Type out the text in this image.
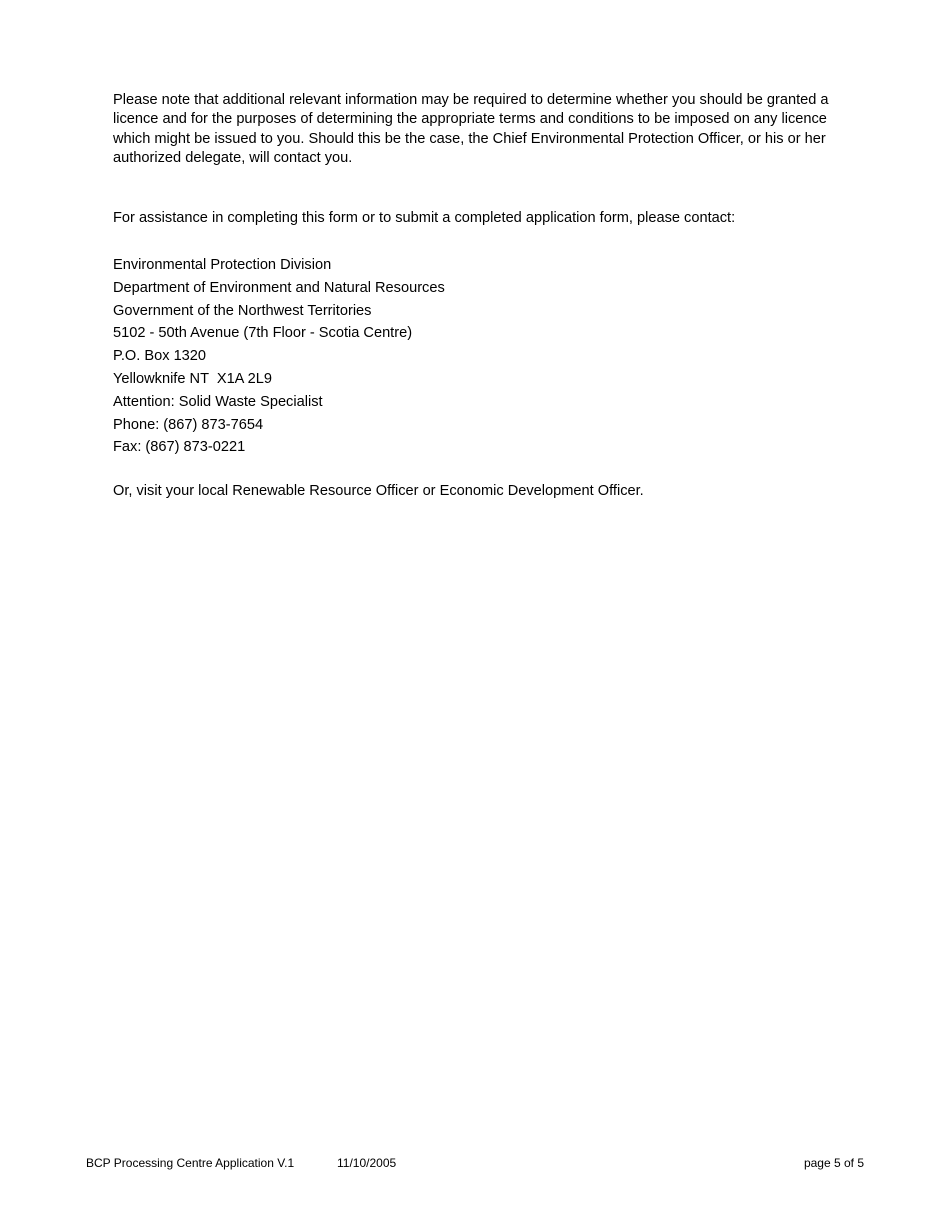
Please note that additional relevant information may be required to determine whether you should be granted a licence and for the purposes of determining the appropriate terms and conditions to be imposed on any licence which might be issued to you. Should this be the case, the Chief Environmental Protection Officer, or his or her authorized delegate, will contact you.

For assistance in completing this form or to submit a completed application form, please contact:

Environmental Protection Division
Department of Environment and Natural Resources
Government of the Northwest Territories
5102 - 50th Avenue (7th Floor - Scotia Centre)
P.O. Box 1320
Yellowknife NT  X1A 2L9
Attention: Solid Waste Specialist
Phone: (867) 873-7654
Fax: (867) 873-0221

Or, visit your local Renewable Resource Officer or Economic Development Officer.

BCP Processing Centre Application V.1	11/10/2005	page 5 of 5
